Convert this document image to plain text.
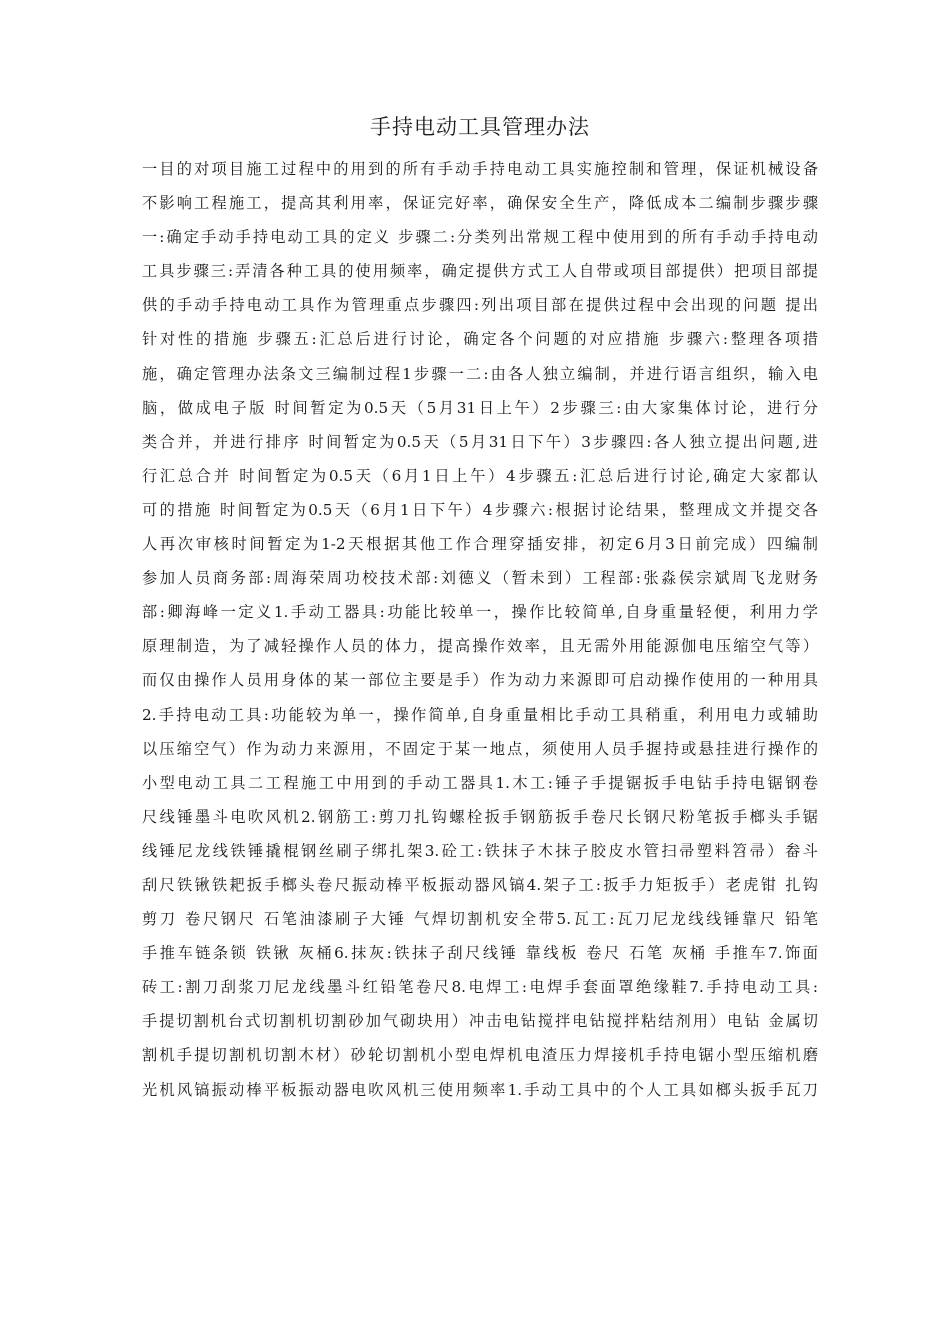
手持电动工具管理办法
一目的对项目施工过程中的用到的所有手动手持电动工具实施控制和管理，保证机械设备
不影响工程施工，提高其利用率，保证完好率，确保安全生产，降低成本二编制步骤步骤
一:确定手动手持电动工具的定义 步骤二:分类列出常规工程中使用到的所有手动手持电动
工具步骤三:弄清各种工具的使用频率，确定提供方式工人自带或项目部提供）把项目部提
供的手动手持电动工具作为管理重点步骤四:列出项目部在提供过程中会出现的问题 提出
针对性的措施 步骤五:汇总后进行讨论，确定各个问题的对应措施 步骤六:整理各项措
施，确定管理办法条文三编制过程1步骤一二:由各人独立编制，并进行语言组织，输入电
脑，做成电子版 时间暂定为0.5天（5月31日上午）2步骤三:由大家集体讨论，进行分
类合并，并进行排序 时间暂定为0.5天（5月31日下午）3步骤四:各人独立提出问题,进
行汇总合并 时间暂定为0.5天（6月1日上午）4步骤五:汇总后进行讨论,确定大家都认
可的措施 时间暂定为0.5天（6月1日下午）4步骤六:根据讨论结果，整理成文并提交各
人再次审核时间暂定为1-2天根据其他工作合理穿插安排，初定6月3日前完成）四编制
参加人员商务部:周海荣周功校技术部:刘德义（暂未到）工程部:张淼侯宗斌周飞龙财务
部:卿海峰一定义1.手动工器具:功能比较单一，操作比较简单,自身重量轻便，利用力学
原理制造，为了减轻操作人员的体力，提高操作效率，且无需外用能源伽电压缩空气等）
而仅由操作人员用身体的某一部位主要是手）作为动力来源即可启动操作使用的一种用具
2.手持电动工具:功能较为单一，操作简单,自身重量相比手动工具稍重，利用电力或辅助
以压缩空气）作为动力来源用，不固定于某一地点，须使用人员手握持或悬挂进行操作的
小型电动工具二工程施工中用到的手动工器具1.木工:锤子手提锯扳手电钻手持电锯钢卷
尺线锤墨斗电吹风机2.钢筋工:剪刀扎钩螺栓扳手钢筋扳手卷尺长钢尺粉笔扳手榔头手锯
线锤尼龙线铁锤撬棍钢丝刷子绑扎架3.砼工:铁抹子木抹子胶皮水管扫帚塑料笤帚）畚斗
刮尺铁锹铁耙扳手榔头卷尺振动棒平板振动器风镐4.架子工:扳手力矩扳手）老虎钳 扎钩
剪刀 卷尺钢尺 石笔油漆刷子大锤 气焊切割机安全带5.瓦工:瓦刀尼龙线线锤靠尺 铅笔
手推车链条锁 铁锹 灰桶6.抹灰:铁抹子刮尺线锤 靠线板 卷尺 石笔 灰桶 手推车7.饰面
砖工:割刀刮浆刀尼龙线墨斗红铅笔卷尺8.电焊工:电焊手套面罩绝缘鞋7.手持电动工具:
手提切割机台式切割机切割砂加气砌块用）冲击电钻搅拌电钻搅拌粘结剂用）电钻 金属切
割机手提切割机切割木材）砂轮切割机小型电焊机电渣压力焊接机手持电锯小型压缩机磨
光机风镐振动棒平板振动器电吹风机三使用频率1.手动工具中的个人工具如榔头扳手瓦刀
